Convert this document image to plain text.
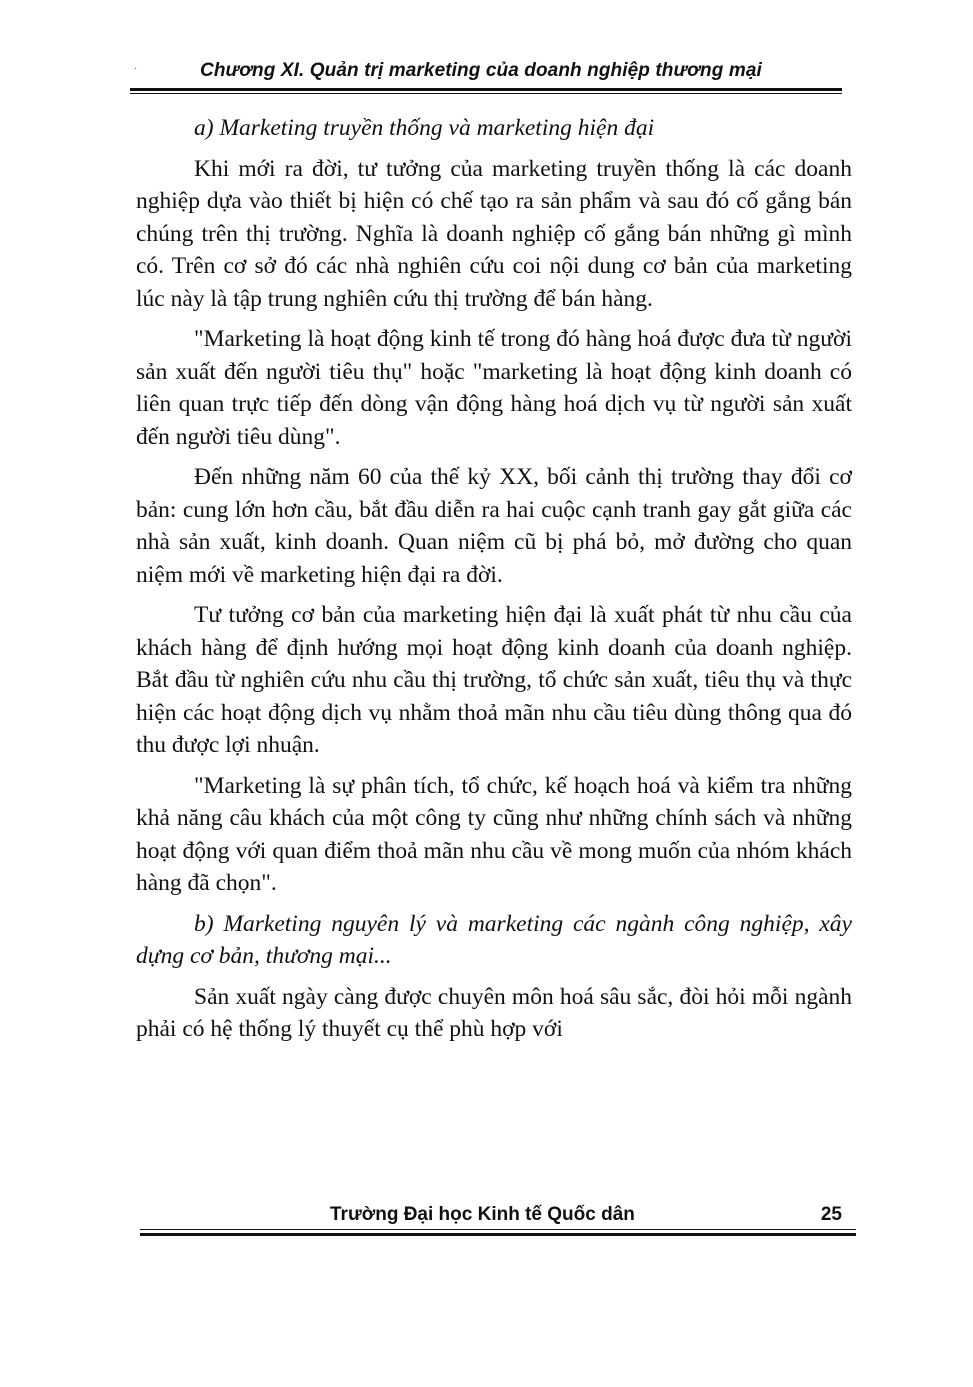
·	Chương XI. Quản trị marketing của doanh nghiệp thương mại

a) Marketing truyền thống và marketing hiện đại

Khi mới ra đời, tư tưởng của marketing truyền thống là các doanh nghiệp dựa vào thiết bị hiện có chế tạo ra sản phẩm và sau đó cố gắng bán chúng trên thị trường. Nghĩa là doanh nghiệp cố gắng bán những gì mình có. Trên cơ sở đó các nhà nghiên cứu coi nội dung cơ bản của marketing lúc này là tập trung nghiên cứu thị trường để bán hàng.

"Marketing là hoạt động kinh tế trong đó hàng hoá được đưa từ người sản xuất đến người tiêu thụ" hoặc "marketing là hoạt động kinh doanh có liên quan trực tiếp đến dòng vận động hàng hoá dịch vụ từ người sản xuất đến người tiêu dùng".

Đến những năm 60 của thế kỷ XX, bối cảnh thị trường thay đổi cơ bản: cung lớn hơn cầu, bắt đầu diễn ra hai cuộc cạnh tranh gay gắt giữa các nhà sản xuất, kinh doanh. Quan niệm cũ bị phá bỏ, mở đường cho quan niệm mới về marketing hiện đại ra đời.

Tư tưởng cơ bản của marketing hiện đại là xuất phát từ nhu cầu của khách hàng để định hướng mọi hoạt động kinh doanh của doanh nghiệp. Bắt đầu từ nghiên cứu nhu cầu thị trường, tổ chức sản xuất, tiêu thụ và thực hiện các hoạt động dịch vụ nhằm thoả mãn nhu cầu tiêu dùng thông qua đó thu được lợi nhuận.

"Marketing là sự phân tích, tổ chức, kế hoạch hoá và kiểm tra những khả năng câu khách của một công ty cũng như những chính sách và những hoạt động với quan điểm thoả mãn nhu cầu về mong muốn của nhóm khách hàng đã chọn".

b) Marketing nguyên lý và marketing các ngành công nghiệp, xây dựng cơ bản, thương mại...

Sản xuất ngày càng được chuyên môn hoá sâu sắc, đòi hỏi mỗi ngành phải có hệ thống lý thuyết cụ thể phù hợp với

Trường Đại học Kinh tế Quốc dân	25
